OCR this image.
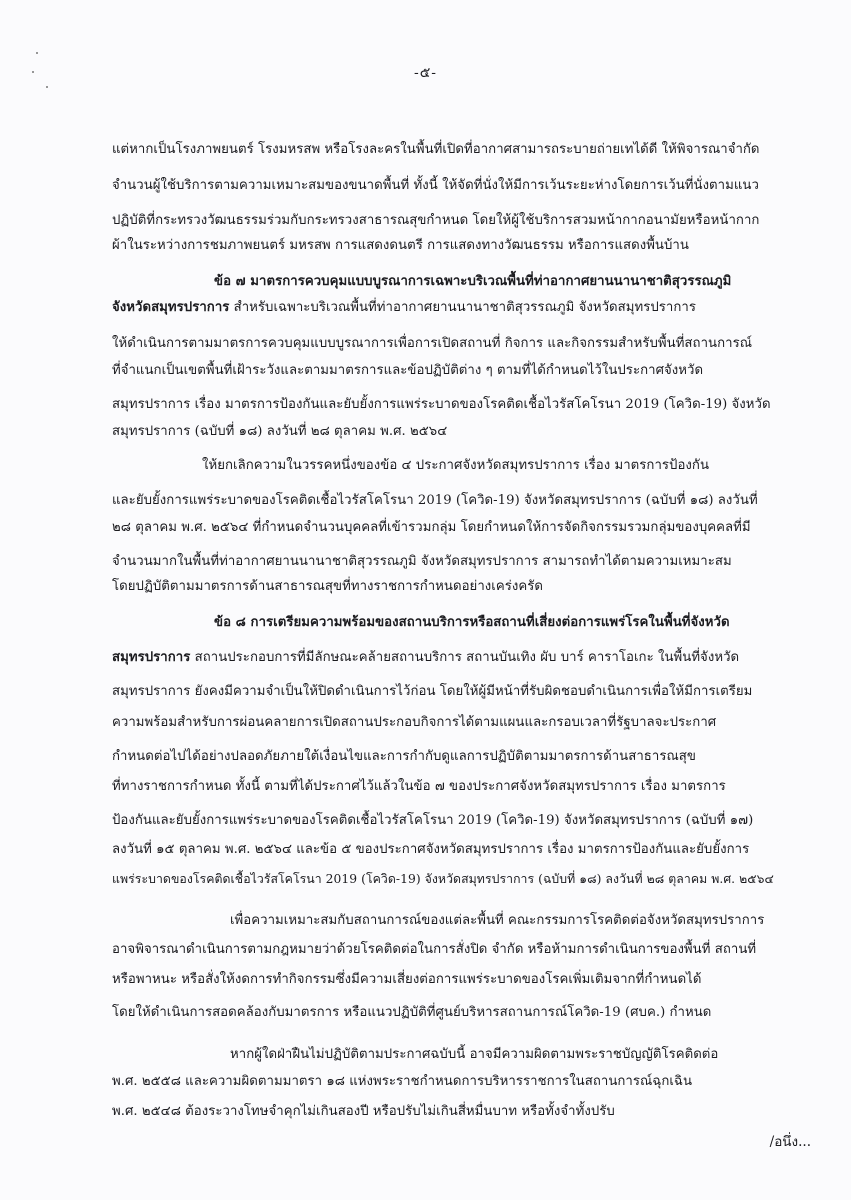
-๕-
แต่หากเป็นโรงภาพยนตร์ โรงมหรสพ หรือโรงละครในพื้นที่เปิดที่อากาศสามารถระบายถ่ายเทได้ดี ให้พิจารณาจำกัด
จำนวนผู้ใช้บริการตามความเหมาะสมของขนาดพื้นที่ ทั้งนี้ ให้จัดที่นั่งให้มีการเว้นระยะห่างโดยการเว้นที่นั่งตามแนว
ปฏิบัติที่กระทรวงวัฒนธรรมร่วมกับกระทรวงสาธารณสุขกำหนด โดยให้ผู้ใช้บริการสวมหน้ากากอนามัยหรือหน้ากาก
ผ้าในระหว่างการชมภาพยนตร์ มหรสพ การแสดงดนตรี การแสดงทางวัฒนธรรม หรือการแสดงพื้นบ้าน
ข้อ ๗ มาตรการควบคุมแบบบูรณาการเฉพาะบริเวณพื้นที่ท่าอากาศยานนานาชาติสุวรรณภูมิ
จังหวัดสมุทรปราการ สำหรับเฉพาะบริเวณพื้นที่ท่าอากาศยานนานาชาติสุวรรณภูมิ จังหวัดสมุทรปราการ
ให้ดำเนินการตามมาตรการควบคุมแบบบูรณาการเพื่อการเปิดสถานที่ กิจการ และกิจกรรมสำหรับพื้นที่สถานการณ์
ที่จำแนกเป็นเขตพื้นที่เฝ้าระวังและตามมาตรการและข้อปฏิบัติต่าง ๆ ตามที่ได้กำหนดไว้ในประกาศจังหวัด
สมุทรปราการ เรื่อง มาตรการป้องกันและยับยั้งการแพร่ระบาดของโรคติดเชื้อไวรัสโคโรนา 2019 (โควิด-19) จังหวัด
สมุทรปราการ (ฉบับที่ ๑๘) ลงวันที่ ๒๘ ตุลาคม พ.ศ. ๒๕๖๔
ให้ยกเลิกความในวรรคหนึ่งของข้อ ๔ ประกาศจังหวัดสมุทรปราการ เรื่อง มาตรการป้องกัน
และยับยั้งการแพร่ระบาดของโรคติดเชื้อไวรัสโคโรนา 2019 (โควิด-19) จังหวัดสมุทรปราการ (ฉบับที่ ๑๘) ลงวันที่
๒๘ ตุลาคม พ.ศ. ๒๕๖๔ ที่กำหนดจำนวนบุคคลที่เข้ารวมกลุ่ม โดยกำหนดให้การจัดกิจกรรมรวมกลุ่มของบุคคลที่มี
จำนวนมากในพื้นที่ท่าอากาศยานนานาชาติสุวรรณภูมิ จังหวัดสมุทรปราการ สามารถทำได้ตามความเหมาะสม
โดยปฏิบัติตามมาตรการด้านสาธารณสุขที่ทางราชการกำหนดอย่างเคร่งครัด
ข้อ ๘ การเตรียมความพร้อมของสถานบริการหรือสถานที่เสี่ยงต่อการแพร่โรคในพื้นที่จังหวัด
สมุทรปราการ สถานประกอบการที่มีลักษณะคล้ายสถานบริการ สถานบันเทิง ผับ บาร์ คาราโอเกะ ในพื้นที่จังหวัด
สมุทรปราการ ยังคงมีความจำเป็นให้ปิดดำเนินการไว้ก่อน โดยให้ผู้มีหน้าที่รับผิดชอบดำเนินการเพื่อให้มีการเตรียม
ความพร้อมสำหรับการผ่อนคลายการเปิดสถานประกอบกิจการได้ตามแผนและกรอบเวลาที่รัฐบาลจะประกาศ
กำหนดต่อไปได้อย่างปลอดภัยภายใต้เงื่อนไขและการกำกับดูแลการปฏิบัติตามมาตรการด้านสาธารณสุข
ที่ทางราชการกำหนด ทั้งนี้ ตามที่ได้ประกาศไว้แล้วในข้อ ๗ ของประกาศจังหวัดสมุทรปราการ เรื่อง มาตรการ
ป้องกันและยับยั้งการแพร่ระบาดของโรคติดเชื้อไวรัสโคโรนา 2019 (โควิด-19) จังหวัดสมุทรปราการ (ฉบับที่ ๑๗)
ลงวันที่ ๑๕ ตุลาคม พ.ศ. ๒๕๖๔ และข้อ ๕ ของประกาศจังหวัดสมุทรปราการ เรื่อง มาตรการป้องกันและยับยั้งการ
แพร่ระบาดของโรคติดเชื้อไวรัสโคโรนา 2019 (โควิด-19) จังหวัดสมุทรปราการ (ฉบับที่ ๑๘) ลงวันที่ ๒๘ ตุลาคม พ.ศ. ๒๕๖๔
เพื่อความเหมาะสมกับสถานการณ์ของแต่ละพื้นที่ คณะกรรมการโรคติดต่อจังหวัดสมุทรปราการ
อาจพิจารณาดำเนินการตามกฎหมายว่าด้วยโรคติดต่อในการสั่งปิด จำกัด หรือห้ามการดำเนินการของพื้นที่ สถานที่
หรือพาหนะ หรือสั่งให้งดการทำกิจกรรมซึ่งมีความเสี่ยงต่อการแพร่ระบาดของโรคเพิ่มเติมจากที่กำหนดได้
โดยให้ดำเนินการสอดคล้องกับมาตรการ หรือแนวปฏิบัติที่ศูนย์บริหารสถานการณ์โควิด-19 (ศบค.) กำหนด
หากผู้ใดฝ่าฝืนไม่ปฏิบัติตามประกาศฉบับนี้ อาจมีความผิดตามพระราชบัญญัติโรคติดต่อ
พ.ศ. ๒๕๕๘ และความผิดตามมาตรา ๑๘ แห่งพระราชกำหนดการบริหารราชการในสถานการณ์ฉุกเฉิน
พ.ศ. ๒๕๔๘ ต้องระวางโทษจำคุกไม่เกินสองปี หรือปรับไม่เกินสี่หมื่นบาท หรือทั้งจำทั้งปรับ
/อนึ่ง...
